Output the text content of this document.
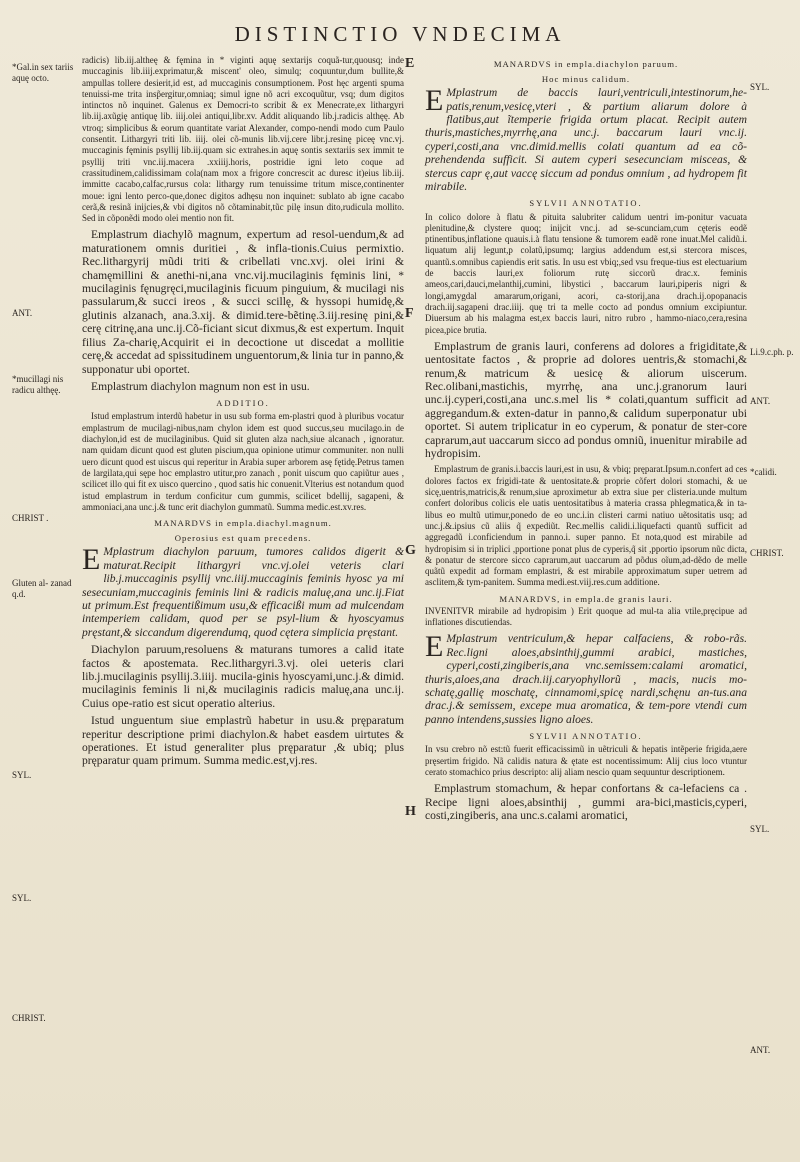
DISTINCTIO VNDECIMA
E
F
G
H
*Gal.in sex tariis aquę octo.
ANT.
*mucillagi nis radicu althęę.
CHRIST .
Gluten al- zanad q.d.
SYL.
SYL.
CHRIST.
SYL.
Li.9.c.ph. p.
ANT.
*calidi.
CHRIST.
SYL.
ANT.

radicis) lib.iij.altheę & fęmina in * viginti aquę sextarijs coquã-tur,quousq; inde muccaginis lib.iiij.exprimatur,& miscent' oleo, simulq; coquuntur,dum bullite,& ampullas tollere desierit,id est, ad muccaginis consumptionem. Post hęc argenti spuma tenuissi-me trita insp̃ergitur,omniaq; simul igne nõ acri excoquũtur, vsq; dum digitos intinctos nõ inquinet. Galenus ex Democri-to scribit & ex Menecrate,ex lithargyri lib.iij.axũgię antiquę lib. iiij.olei antiqui,libr.xv. Addit aliquando lib.j.radicis althęę. Ab vtroq; simplicibus & eorum quantitate variat Alexander, compo-nendi modo cum Paulo consentit. Lithargyri triti lib. iiij. olei cõ-munis lib.vij.cere libr.j.resinę piceę vnc.vj. muccaginis fęminis psyllij lib.iij.quam sic extrahes.in aquę sontis sextariis sex immit te psyllij triti vnc.iij.macera .xxiiij.horis, postridie igni leto coque ad crassitudinem,calidissimam cola(nam mox a frigore concrescit ac duresc it)eius lib.iij. immitte cacabo,calfac,rursus cola: lithargy rum tenuissime tritum misce,continenter moue: igni lento perco-que,donec digitos adhęsu non inquinet: sublato ab igne cacabo cerã,& resinã inijcies,& vbi digitos nõ cõtaminabit,tũc pilę insun dito,rudicula mollito. Sed in cõponẽdi modo olei mentio non fit.

Emplastrum diachylõ magnum, expertum ad resol-uendum,& ad maturationem omnis duritiei , & infla-tionis.Cuius permixtio. Rec.lithargyrij mũdi triti & cribellati vnc.xvj. olei irini & chamęmillini & anethi-ni,ana vnc.vij.mucilaginis fęminis lini, * mucilaginis fęnugręci,mucilaginis ficuum pinguium, & mucilagi nis passularum,& succi ireos , & succi scillę, & hyssopi humidę,& glutinis alzanach, ana.3.xij. & dimid.tere-bẽtinę.3.iij.resinę pini,& cerę citrinę,ana unc.ij.Cõ-ficiant sicut dixmus,& est expertum. Inquit filius Za-charię,Acquirit ei in decoctione ut discedat a mollitie cerę,& accedat ad spissitudinem unguentorum,& linia tur in panno,& supponatur ubi oportet.

Emplastrum diachylon magnum non est in usu.

ADDITIO.

Istud emplastrum interdũ habetur in usu sub forma em-plastri quod à pluribus vocatur emplastrum de mucilagi-nibus,nam chylon idem est quod succus,seu mucilago.in de diachylon,id est de mucilaginibus. Quid sit gluten alza nach,siue alcanach , ignoratur. nam quidam dicunt quod est gluten piscium,qua opinione utimur communiter. non nulli uero dicunt quod est uiscus qui reperitur in Arabia super arborem asę fętidę.Petrus tamen de largilata,qui sępe hoc emplastro utitur,pro zanach , ponit uiscum quo capiũtur aues , scilicet illo qui fit ex uisco quercino , quod satis hic conuenit.Vlterius est notandum quod istud emplastrum in terdum conficitur cum gummis, scilicet bdellij, sagapeni, & ammoniaci,ana unc.j.& tunc erit diachylon gummatũ. Summa medic.est.xv.res.

MANARDVS in empla.diachyl.magnum.
Operosius est quam precedens.

E Mplastrum diachylon paruum, tumores calidos digerit & maturat.Recipit lithargyri vnc.vj.olei veteris clari lib.j.muccaginis psyllij vnc.iiij.muccaginis feminis hyosc ya mi sesecuniam,muccaginis feminis lini & radicis maluę,ana unc.ij.Fiat ut primum.Est frequentißimum usu,& efficacißi mum ad mulcendam intemperiem calidam, quod per se psyl-lium & hyoscyamus pręstant,& siccandum digerendumq, quod cętera simplicia pręstant.

Diachylon paruum,resoluens & maturans tumores a calid itate factos & apostemata. Rec.lithargyri.3.vj. olei ueteris clari lib.j.mucilaginis psyllij.3.iiij. mucila-ginis hyoscyami,unc.j.& dimid. mucilaginis feminis li ni,& mucilaginis radicis maluę,ana unc.ij. Cuius ope-ratio est sicut operatio alterius.

Istud unguentum siue emplastrũ habetur in usu.& pręparatum reperitur descriptione primi diachylon.& habet easdem uirtutes & operationes. Et istud generaliter plus pręparatur ,& ubiq; plus pręparatur quam primum. Summa medic.est,vj.res.

MANARDVS in empla.diachylon paruum.
Hoc minus calidum.

E Mplastrum de baccis lauri,ventriculi,intestinorum,he-patis,renum,vesicę,vteri , & partium aliarum dolore à flatibus,aut ĩtemperie frigida ortum placat. Recipit autem thuris,mastiches,myrrhę,ana unc.j. baccarum lauri vnc.ij. cyperi,costi,ana vnc.dimid.mellis colati quantum ad ea cõ-prehendenda sufficit. Si autem cyperi sesecunciam misceas, & stercus capr ę,aut vaccę siccum ad pondus omnium , ad hydropem fit mirabile.

SYLVII ANNOTATIO.

In colico dolore à flatu & pituita salubriter calidum uentri im-ponitur vacuata plenitudine,& clystere quoq; inijcit vnc.j. ad se-scunciam,cum cęteris eodẽ ptinentibus,inflatione quauis.i.à flatu tensione & tumorem eadẽ rone inuat.Mel calidũ.i. liquatum alij legunt,p colatũ,ipsumq; largius addendum est,si stercora misces, quantũ.s.omnibus capiendis erit satis. In usu est vbiq;,sed vsu freque-tius est electuarium de baccis lauri,ex foliorum rutę siccorũ drac.x. feminis ameos,cari,dauci,melanthij,cumini, libystici , baccarum lauri,piperis nigri & longi,amygdal amararum,origani, acori, ca-storij,ana drach.ij.opopanacis drach.iij.sagapeni drac.iiij. quę tri ta melle cocto ad pondus omnium excipiuntur. Diuersum ab his malagma est,ex baccis lauri, nitro rubro , hammo-niaco,cera,resina picea,pice brutia.

Emplastrum de granis lauri, conferens ad dolores a frigiditate,& uentositate factos , & proprie ad dolores uentris,& stomachi,& renum,& matricum & uesicę & aliorum uiscerum. Rec.olibani,mastichis, myrrhę, ana unc.j.granorum lauri unc.ij.cyperi,costi,ana unc.s.mel lis * colati,quantum sufficit ad aggregandum.& exten-datur in panno,& calidum superponatur ubi oportet. Si autem triplicatur in eo cyperum, & ponatur de ster-core caprarum,aut uaccarum sicco ad pondus omniũ, inuenitur mirabile ad hydropisim.

Emplastrum de granis.i.baccis lauri,est in usu, & vbiq; pręparat.Ipsum.n.confert ad ces dolores factos ex frigidi-tate & uentositate.& proprie cõfert dolori stomachi, & ue sicę,uentris,matricis,& renum,siue aproximetur ab extra siue per clisteria.unde multum confert doloribus colicis ele uatis uentositatibus à materia crassa phlegmatica,& in ta-libus eo multũ utimur,ponedo de eo unc.i.in clisteri carmi natiuo uẽtositatis usq; ad unc.j.&.ipsius cũ aliis q̃ expediũt. Rec.mellis calidi.i.liquefacti quantũ sufficit ad aggregadũ i.conficiendum in panno.i. super panno. Et nota,quod est mirabile ad hydropisim si in triplici ,pportione ponat plus de cyperis,q̃ sit ,pportio ipsorum nũc dicta, & ponatur de stercore sicco caprarum,aut uaccarum ad põdus oĩum,ad-dẽdo de melle quãtũ expedit ad formam emplastri, & est mirabile approximatum super uetrem ad asclitem,& tym-panitem. Summa medi.est.viij.res.cum additione.

MANARDVS, in empla.de granis lauri.

INVENITVR mirabile ad hydropisim ) Erit quoque ad mul-ta alia vtile,pręcipue ad inflationes discutiendas.

E Mplastrum ventriculum,& hepar calfaciens, & robo-rãs. Rec.ligni aloes,absinthij,gummi arabici, mastiches, cyperi,costi,zingiberis,ana vnc.semissem:calami aromatici, thuris,aloes,ana drach.iij.caryophyllorũ , macis, nucis mo-schatę,gallię moschatę, cinnamomi,spicę nardi,schęnu an-tus.ana drac.j.& semissem, excepe mua aromatica, & tem-pore vtendi cum panno intendens,sussies ligno aloes.

SYLVII ANNOTATIO.

In vsu crebro nõ est:tũ fuerit efficacissimũ in uẽtriculi & hepatis intẽperie frigida,aere pręsertim frigido. Nã calidis natura & ętate est nocentissimum: Alij cius loco vtuntur cerato stomachico prius descripto: alij aliam nescio quam sequuntur descriptionem.

Emplastrum stomachum, & hepar confortans & ca-lefaciens ca . Recipe ligni aloes,absinthij , gummi ara-bici,masticis,cyperi, costi,zingiberis, ana unc.s.calami aromatici,
